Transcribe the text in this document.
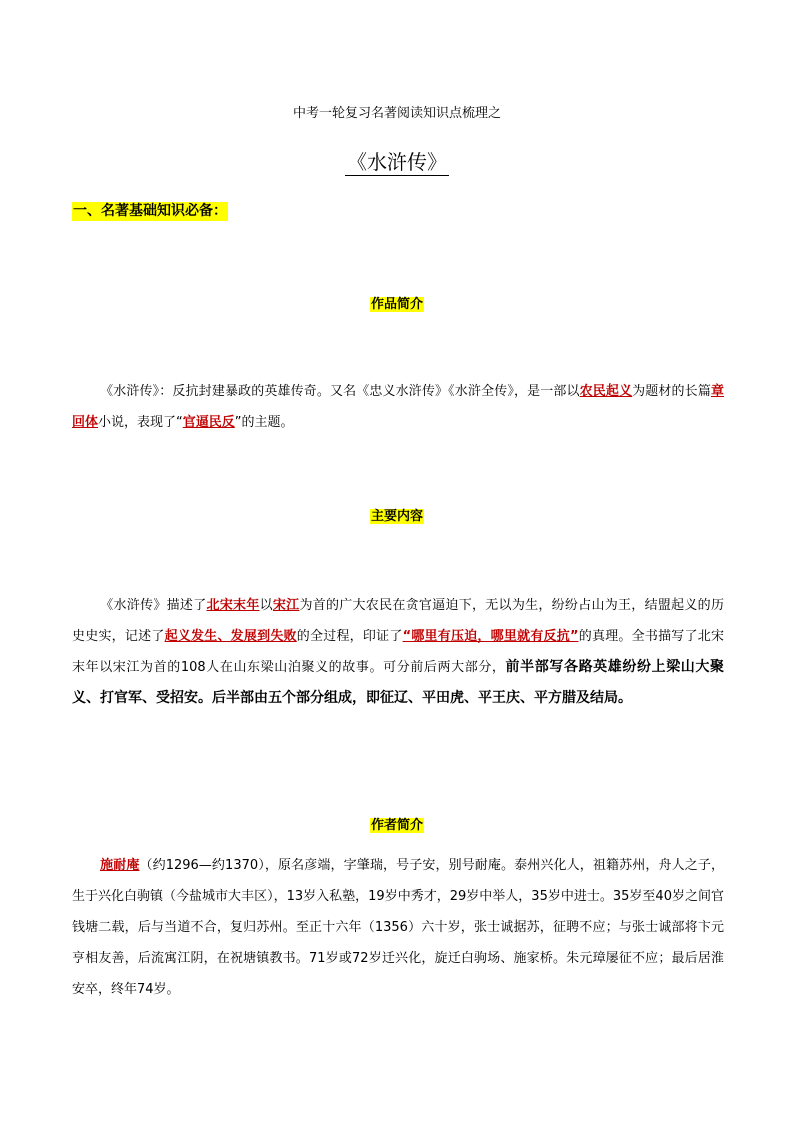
中考一轮复习名著阅读知识点梳理之
《水浒传》
一、名著基础知识必备：
作品简介
《水浒传》：反抗封建暴政的英雄传奇。又名《忠义水浒传》《水浒全传》，是一部以农民起义为题材的长篇章回体小说，表现了“官逼民反”的主题。
主要内容
《水浒传》描述了北宋末年以宋江为首的广大农民在贪官逼迫下，无以为生，纷纷占山为王，结盟起义的历史史实，记述了起义发生、发展到失败的全过程，印证了“哪里有压迫，哪里就有反抗”的真理。全书描写了北宋末年以宋江为首的108人在山东梁山泊聚义的故事。可分前后两大部分，前半部写各路英雄纷纷上梁山大聚义、打官军、受招安。后半部由五个部分组成，即征辽、平田虎、平王庆、平方腊及结局。
作者简介
施耐庵（约1296—约1370），原名彦端，字肇瑞，号子安，别号耐庵。泰州兴化人，祖籍苏州，舟人之子，生于兴化白驹镇（今盐城市大丰区），13岁入私塾，19岁中秀才，29岁中举人，35岁中进士。35岁至40岁之间官钱塘二载，后与当道不合，复归苏州。至正十六年（1356）六十岁，张士诚据苏，征聘不应；与张士诚部将卞元亨相友善，后流寓江阴，在祝塘镇教书。71岁或72岁迁兴化，旋迁白驹场、施家桥。朱元璋屡征不应；最后居淮安卒，终年74岁。
